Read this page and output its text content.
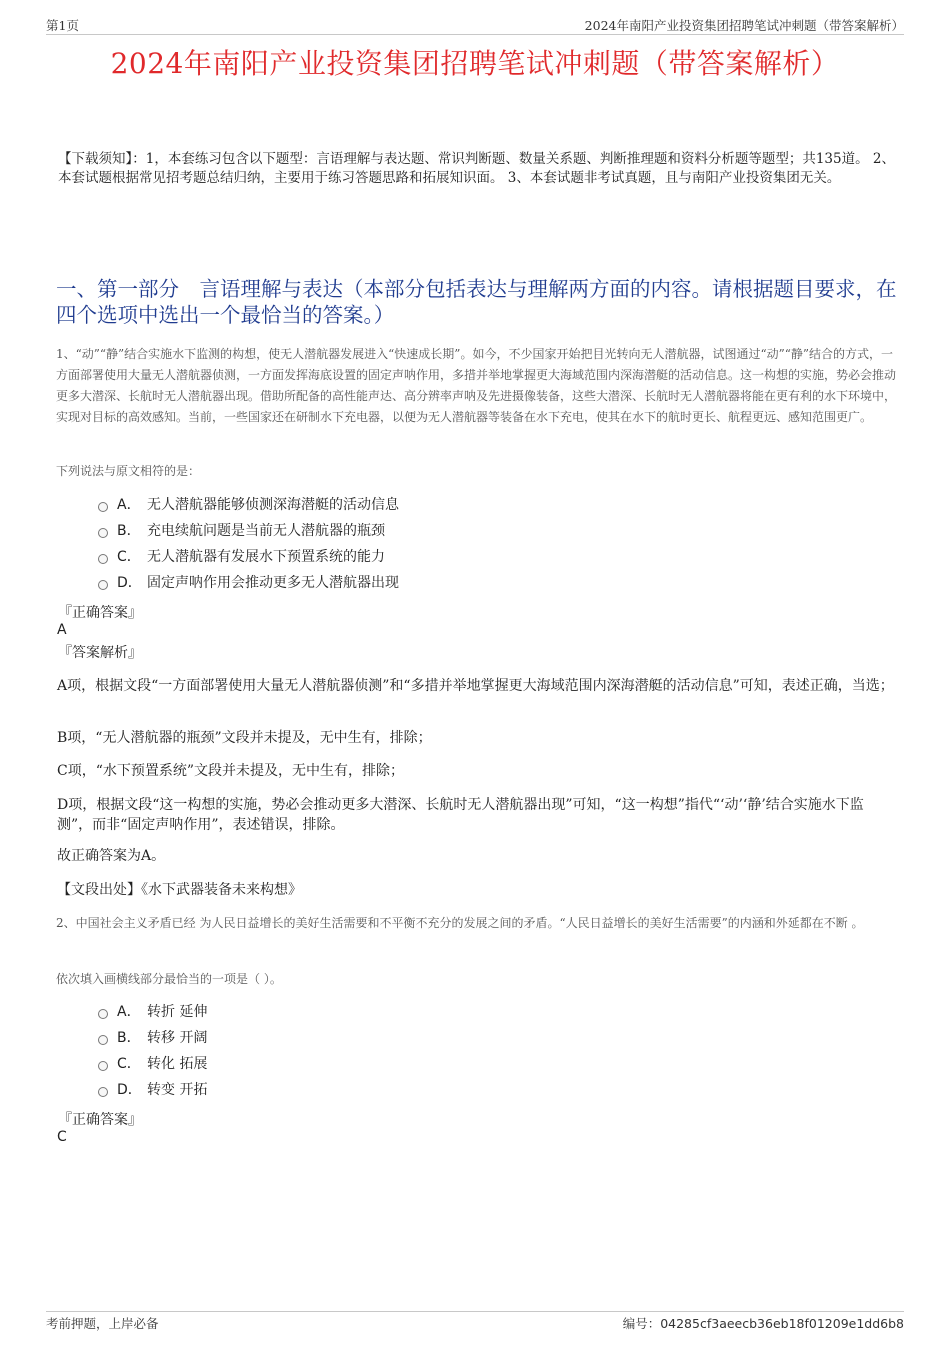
第1页	2024年南阳产业投资集团招聘笔试冲刺题（带答案解析）
2024年南阳产业投资集团招聘笔试冲刺题（带答案解析）
【下载须知】：1，本套练习包含以下题型：言语理解与表达题、常识判断题、数量关系题、判断推理题和资料分析题等题型；共135道。 2、本套试题根据常见招考题总结归纳，主要用于练习答题思路和拓展知识面。 3、本套试题非考试真题，且与南阳产业投资集团无关。
一、第一部分　言语理解与表达（本部分包括表达与理解两方面的内容。请根据题目要求，在四个选项中选出一个最恰当的答案。）
1、“动”“静”结合实施水下监测的构想，使无人潜航器发展进入“快速成长期”。如今，不少国家开始把目光转向无人潜航器，试图通过“动”“静”结合的方式，一方面部署使用大量无人潜航器侦测，一方面发挥海底设置的固定声呐作用，多措并举地掌握更大海域范围内深海潜艇的活动信息。这一构想的实施，势必会推动更多大潜深、长航时无人潜航器出现。借助所配备的高性能声达、高分辨率声呐及先进摄像装备，这些大潜深、长航时无人潜航器将能在更有利的水下环境中，实现对目标的高效感知。当前，一些国家还在研制水下充电器，以便为无人潜航器等装备在水下充电，使其在水下的航时更长、航程更远、感知范围更广。
下列说法与原文相符的是：
A． 无人潜航器能够侦测深海潜艇的活动信息
B． 充电续航问题是当前无人潜航器的瓶颈
C． 无人潜航器有发展水下预置系统的能力
D． 固定声呐作用会推动更多无人潜航器出现
『正确答案』
A
『答案解析』
A项，根据文段“一方面部署使用大量无人潜航器侦测”和“多措并举地掌握更大海域范围内深海潜艇的活动信息”可知，表述正确，当选；
B项，“无人潜航器的瓶颈”文段并未提及，无中生有，排除；
C项，“水下预置系统”文段并未提及，无中生有，排除；
D项，根据文段“这一构想的实施，势必会推动更多大潜深、长航时无人潜航器出现”可知，“这一构想”指代“‘动’‘静’结合实施水下监测”，而非“固定声呐作用”，表述错误，排除。
故正确答案为A。
【文段出处】《水下武器装备未来构想》
2、中国社会主义矛盾已经 为人民日益增长的美好生活需要和不平衡不充分的发展之间的矛盾。“人民日益增长的美好生活需要”的内涵和外延都在不断 。
依次填入画横线部分最恰当的一项是（ ）。
A． 转折 延伸
B． 转移 开阔
C． 转化 拓展
D． 转变 开拓
『正确答案』
C
考前押题，上岸必备	编号：04285cf3aeecb36eb18f01209e1dd6b8
